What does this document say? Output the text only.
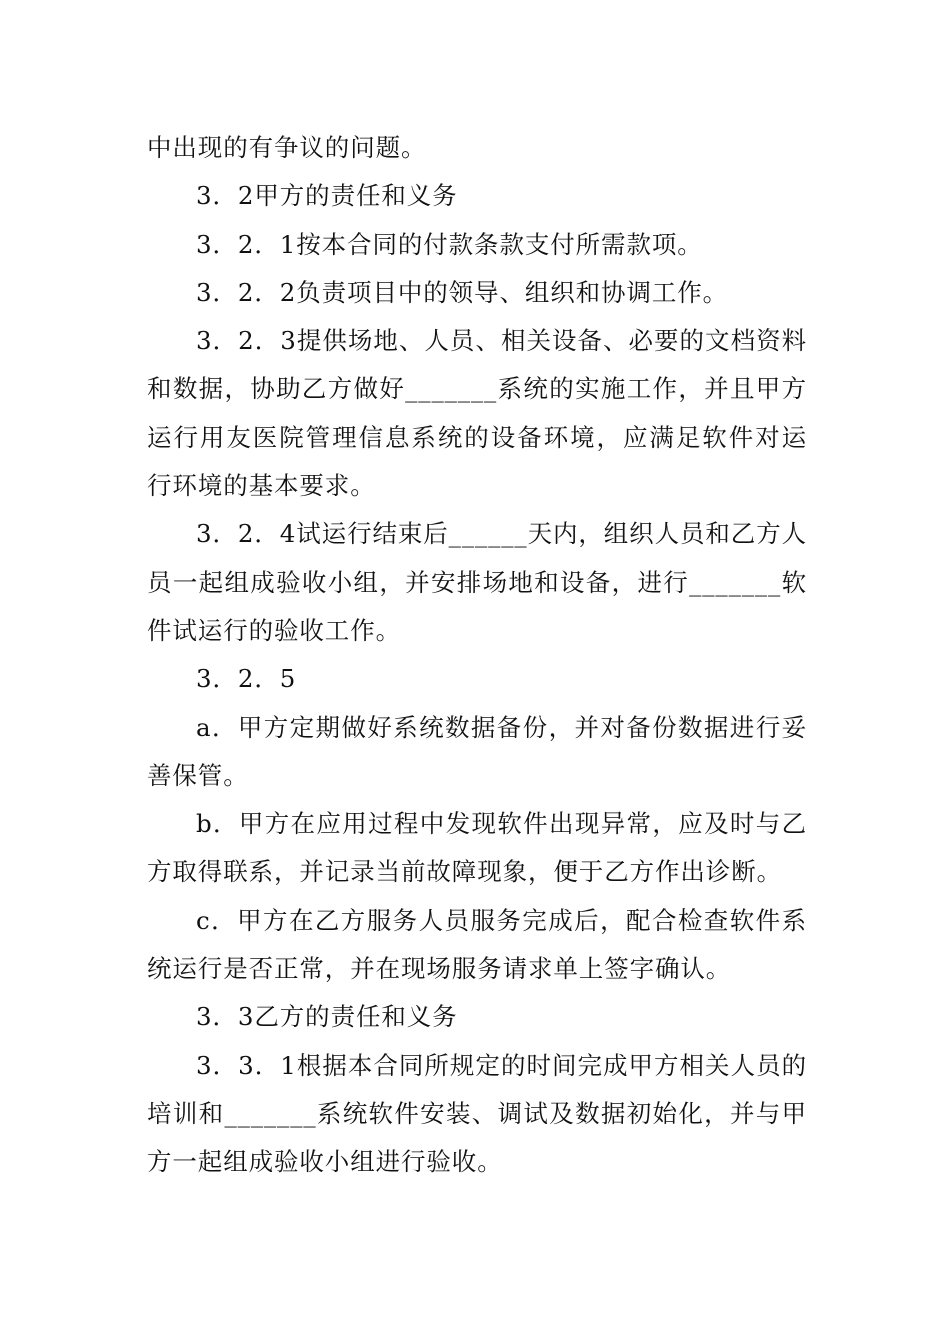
中出现的有争议的问题。

3．2甲方的责任和义务

3．2．1按本合同的付款条款支付所需款项。

3．2．2负责项目中的领导、组织和协调工作。

3．2．3提供场地、人员、相关设备、必要的文档资料和数据，协助乙方做好_______系统的实施工作，并且甲方运行用友医院管理信息系统的设备环境，应满足软件对运行环境的基本要求。

3．2．4试运行结束后______天内，组织人员和乙方人员一起组成验收小组，并安排场地和设备，进行_______软件试运行的验收工作。

3．2．5

a．甲方定期做好系统数据备份，并对备份数据进行妥善保管。

b．甲方在应用过程中发现软件出现异常，应及时与乙方取得联系，并记录当前故障现象，便于乙方作出诊断。

c．甲方在乙方服务人员服务完成后，配合检查软件系统运行是否正常，并在现场服务请求单上签字确认。

3．3乙方的责任和义务

3．3．1根据本合同所规定的时间完成甲方相关人员的培训和_______系统软件安装、调试及数据初始化，并与甲方一起组成验收小组进行验收。
